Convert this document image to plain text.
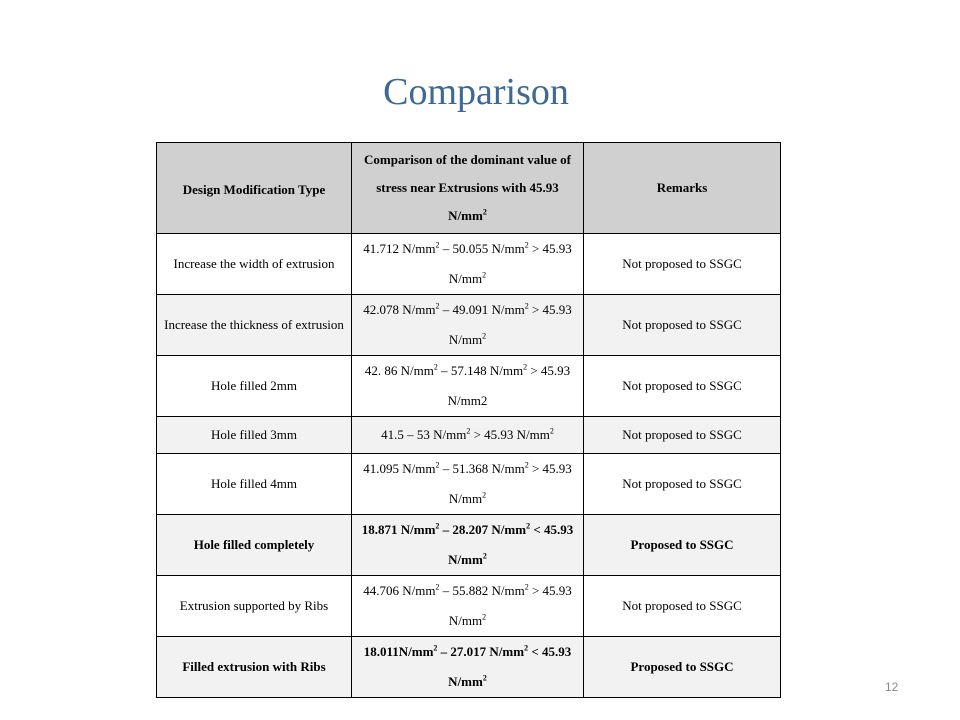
Comparison
Design Modification Type	Comparison of the dominant value of stress near Extrusions with 45.93 $N/mm^2$	Remarks
Increase the width of extrusion	41.712 $N/mm^2 - 50.055$ $N/mm^2 > 45.93$ $N/mm^2$	Not proposed to SSGC
Increase the thickness of extrusion	42.078 $N/mm^2 - 49.091$ $N/mm^2 > 45.93$ $N/mm^2$	Not proposed to SSGC
Hole filled 2mm	42. 86 $N/mm^2 - 57.148$ $N/mm^2 > 45.93$ N/mm2	Not proposed to SSGC
Hole filled 3mm	41.5 – 53 $N/mm^2 > 45.93$ $N/mm^2$	Not proposed to SSGC
Hole filled 4mm	41.095 $N/mm^2 - 51.368$ $N/mm^2 > 45.93$ $N/mm^2$	Not proposed to SSGC
Hole filled completely	18.871 $N/mm^2 - 28.207$ $N/mm^2 < 45.93$ $N/mm^2$	Proposed to SSGC
Extrusion supported by Ribs	44.706 $N/mm^2 - 55.882$ $N/mm^2 > 45.93$ $N/mm^2$	Not proposed to SSGC
Filled extrusion with Ribs	$18.011N/mm^2 - 27.017$ $N/mm^2 < 45.93$ $N/mm^2$	Proposed to SSGC
12
